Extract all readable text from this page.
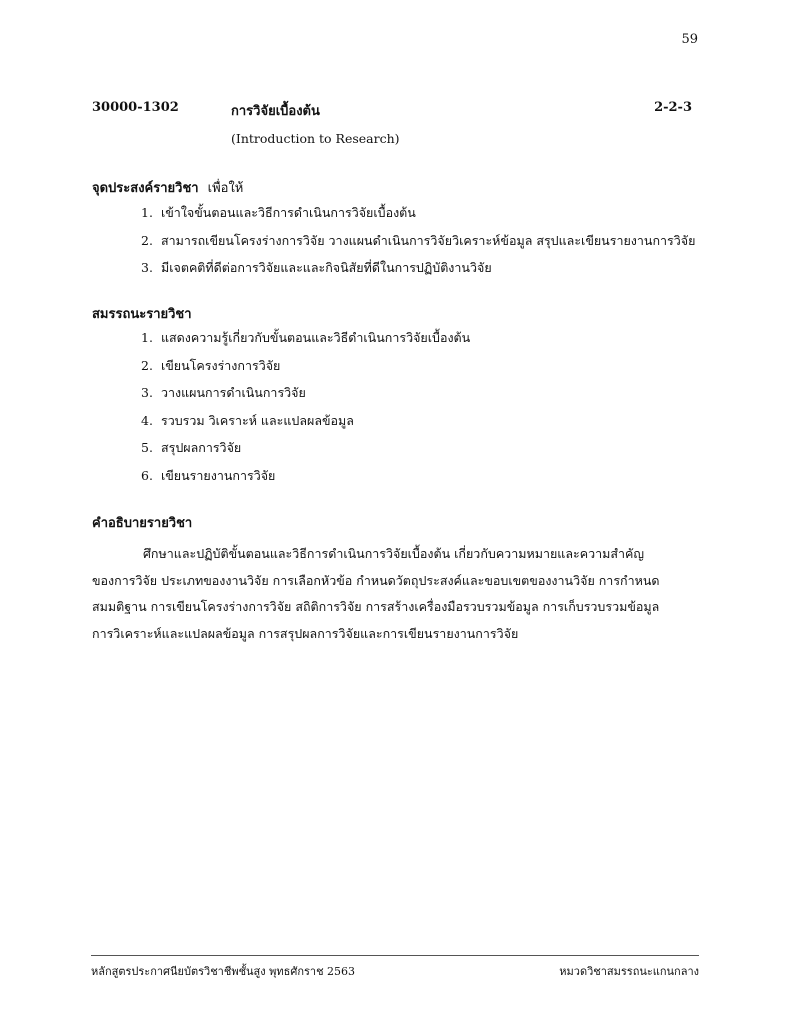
59
30000-1302	การวิจัยเบื้องต้น	2-2-3
(Introduction to Research)
จุดประสงค์รายวิชา เพื่อให้
1. เข้าใจขั้นตอนและวิธีการดำเนินการวิจัยเบื้องต้น
2. สามารถเขียนโครงร่างการวิจัย วางแผนดำเนินการวิจัยวิเคราะห์ข้อมูล สรุปและเขียนรายงานการวิจัย
3. มีเจตคติที่ดีต่อการวิจัยและและกิจนิสัยที่ดีในการปฏิบัติงานวิจัย
สมรรถนะรายวิชา
1. แสดงความรู้เกี่ยวกับขั้นตอนและวิธีดำเนินการวิจัยเบื้องต้น
2. เขียนโครงร่างการวิจัย
3. วางแผนการดำเนินการวิจัย
4. รวบรวม วิเคราะห์ และแปลผลข้อมูล
5. สรุปผลการวิจัย
6. เขียนรายงานการวิจัย
คำอธิบายรายวิชา

ศึกษาและปฏิบัติขั้นตอนและวิธีการดำเนินการวิจัยเบื้องต้น เกี่ยวกับความหมายและความสำคัญ

ของการวิจัย ประเภทของงานวิจัย การเลือกหัวข้อ กำหนดวัตถุประสงค์และขอบเขตของงานวิจัย การกำหนด

สมมติฐาน การเขียนโครงร่างการวิจัย สถิติการวิจัย การสร้างเครื่องมือรวบรวมข้อมูล การเก็บรวบรวมข้อมูล

การวิเคราะห์และแปลผลข้อมูล การสรุปผลการวิจัยและการเขียนรายงานการวิจัย

หลักสูตรประกาศนียบัตรวิชาชีพชั้นสูง พุทธศักราช 2563	หมวดวิชาสมรรถนะแกนกลาง
